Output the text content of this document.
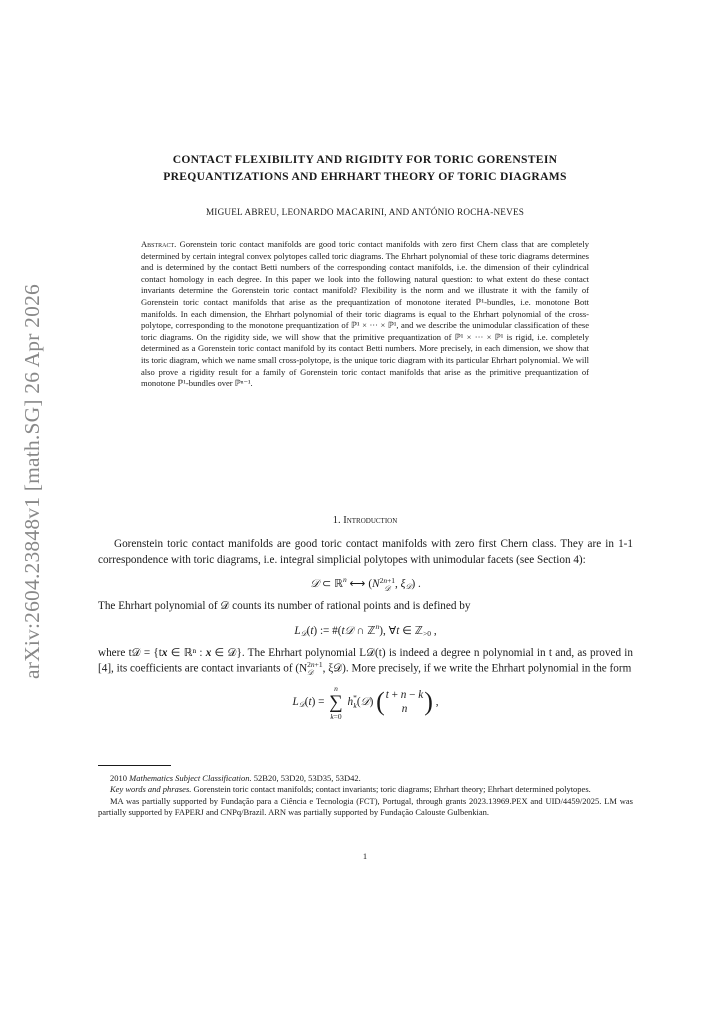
arXiv:2604.23848v1 [math.SG] 26 Apr 2026
CONTACT FLEXIBILITY AND RIGIDITY FOR TORIC GORENSTEIN
PREQUANTIZATIONS AND EHRHART THEORY OF TORIC DIAGRAMS
MIGUEL ABREU, LEONARDO MACARINI, AND ANTÓNIO ROCHA-NEVES
Abstract. Gorenstein toric contact manifolds are good toric contact manifolds with zero first Chern class that are completely determined by certain integral convex polytopes called toric diagrams. The Ehrhart polynomial of these toric diagrams determines and is determined by the contact Betti numbers of the corresponding contact manifolds, i.e. the dimension of their cylindrical contact homology in each degree. In this paper we look into the following natural question: to what extent do these contact invariants determine the Gorenstein toric contact manifold? Flexibility is the norm and we illustrate it with the family of Gorenstein toric contact manifolds that arise as the prequantization of monotone iterated ℙ¹-bundles, i.e. monotone Bott manifolds. In each dimension, the Ehrhart polynomial of their toric diagrams is equal to the Ehrhart polynomial of the cross-polytope, corresponding to the monotone prequantization of ℙ¹ × ··· × ℙ¹, and we describe the unimodular classification of these toric diagrams. On the rigidity side, we will show that the primitive prequantization of ℙ¹ × ··· × ℙ¹ is rigid, i.e. completely determined as a Gorenstein toric contact manifold by its contact Betti numbers. More precisely, in each dimension, we show that its toric diagram, which we name small cross-polytope, is the unique toric diagram with its particular Ehrhart polynomial. We will also prove a rigidity result for a family of Gorenstein toric contact manifolds that arise as the primitive prequantization of monotone ℙ¹-bundles over ℙⁿ⁻¹.
1. Introduction

Gorenstein toric contact manifolds are good toric contact manifolds with zero first Chern class. They are in 1-1 correspondence with toric diagrams, i.e. integral simplicial polytopes with unimodular facets (see Section 4):

𝒟 ⊂ ℝ$^n$ ⟷ (N 2n+1
𝒟 , $\xi_𝒟$) .

The Ehrhart polynomial of 𝒟 counts its number of rational points and is defined by

$L_𝒟(t)$ := #(t𝒟 ∩ ℤ$^n$), ∀t ∈ ℤ$_{>0}$ ,

where t𝒟 = {tx ∈ ℝⁿ : x ∈ 𝒟}. The Ehrhart polynomial L𝒟(t) is indeed a degree n polynomial in t and, as proved in [4], its coefficients are contact invariants of (N 2n+1
𝒟 , ξ𝒟). More precisely, if we write the Ehrhart polynomial in the form

$L_𝒟(t)$ =
n
∑
k=0
h *
k (𝒟) ( t + n − k
n ) ,

2010 Mathematics Subject Classification. 52B20, 53D20, 53D35, 53D42.

Key words and phrases. Gorenstein toric contact manifolds; contact invariants; toric diagrams; Ehrhart theory; Ehrhart determined polytopes.

MA was partially supported by Fundação para a Ciência e Tecnologia (FCT), Portugal, through grants 2023.13969.PEX and UID/4459/2025. LM was partially supported by FAPERJ and CNPq/Brazil. ARN was partially supported by Fundação Calouste Gulbenkian.

1
